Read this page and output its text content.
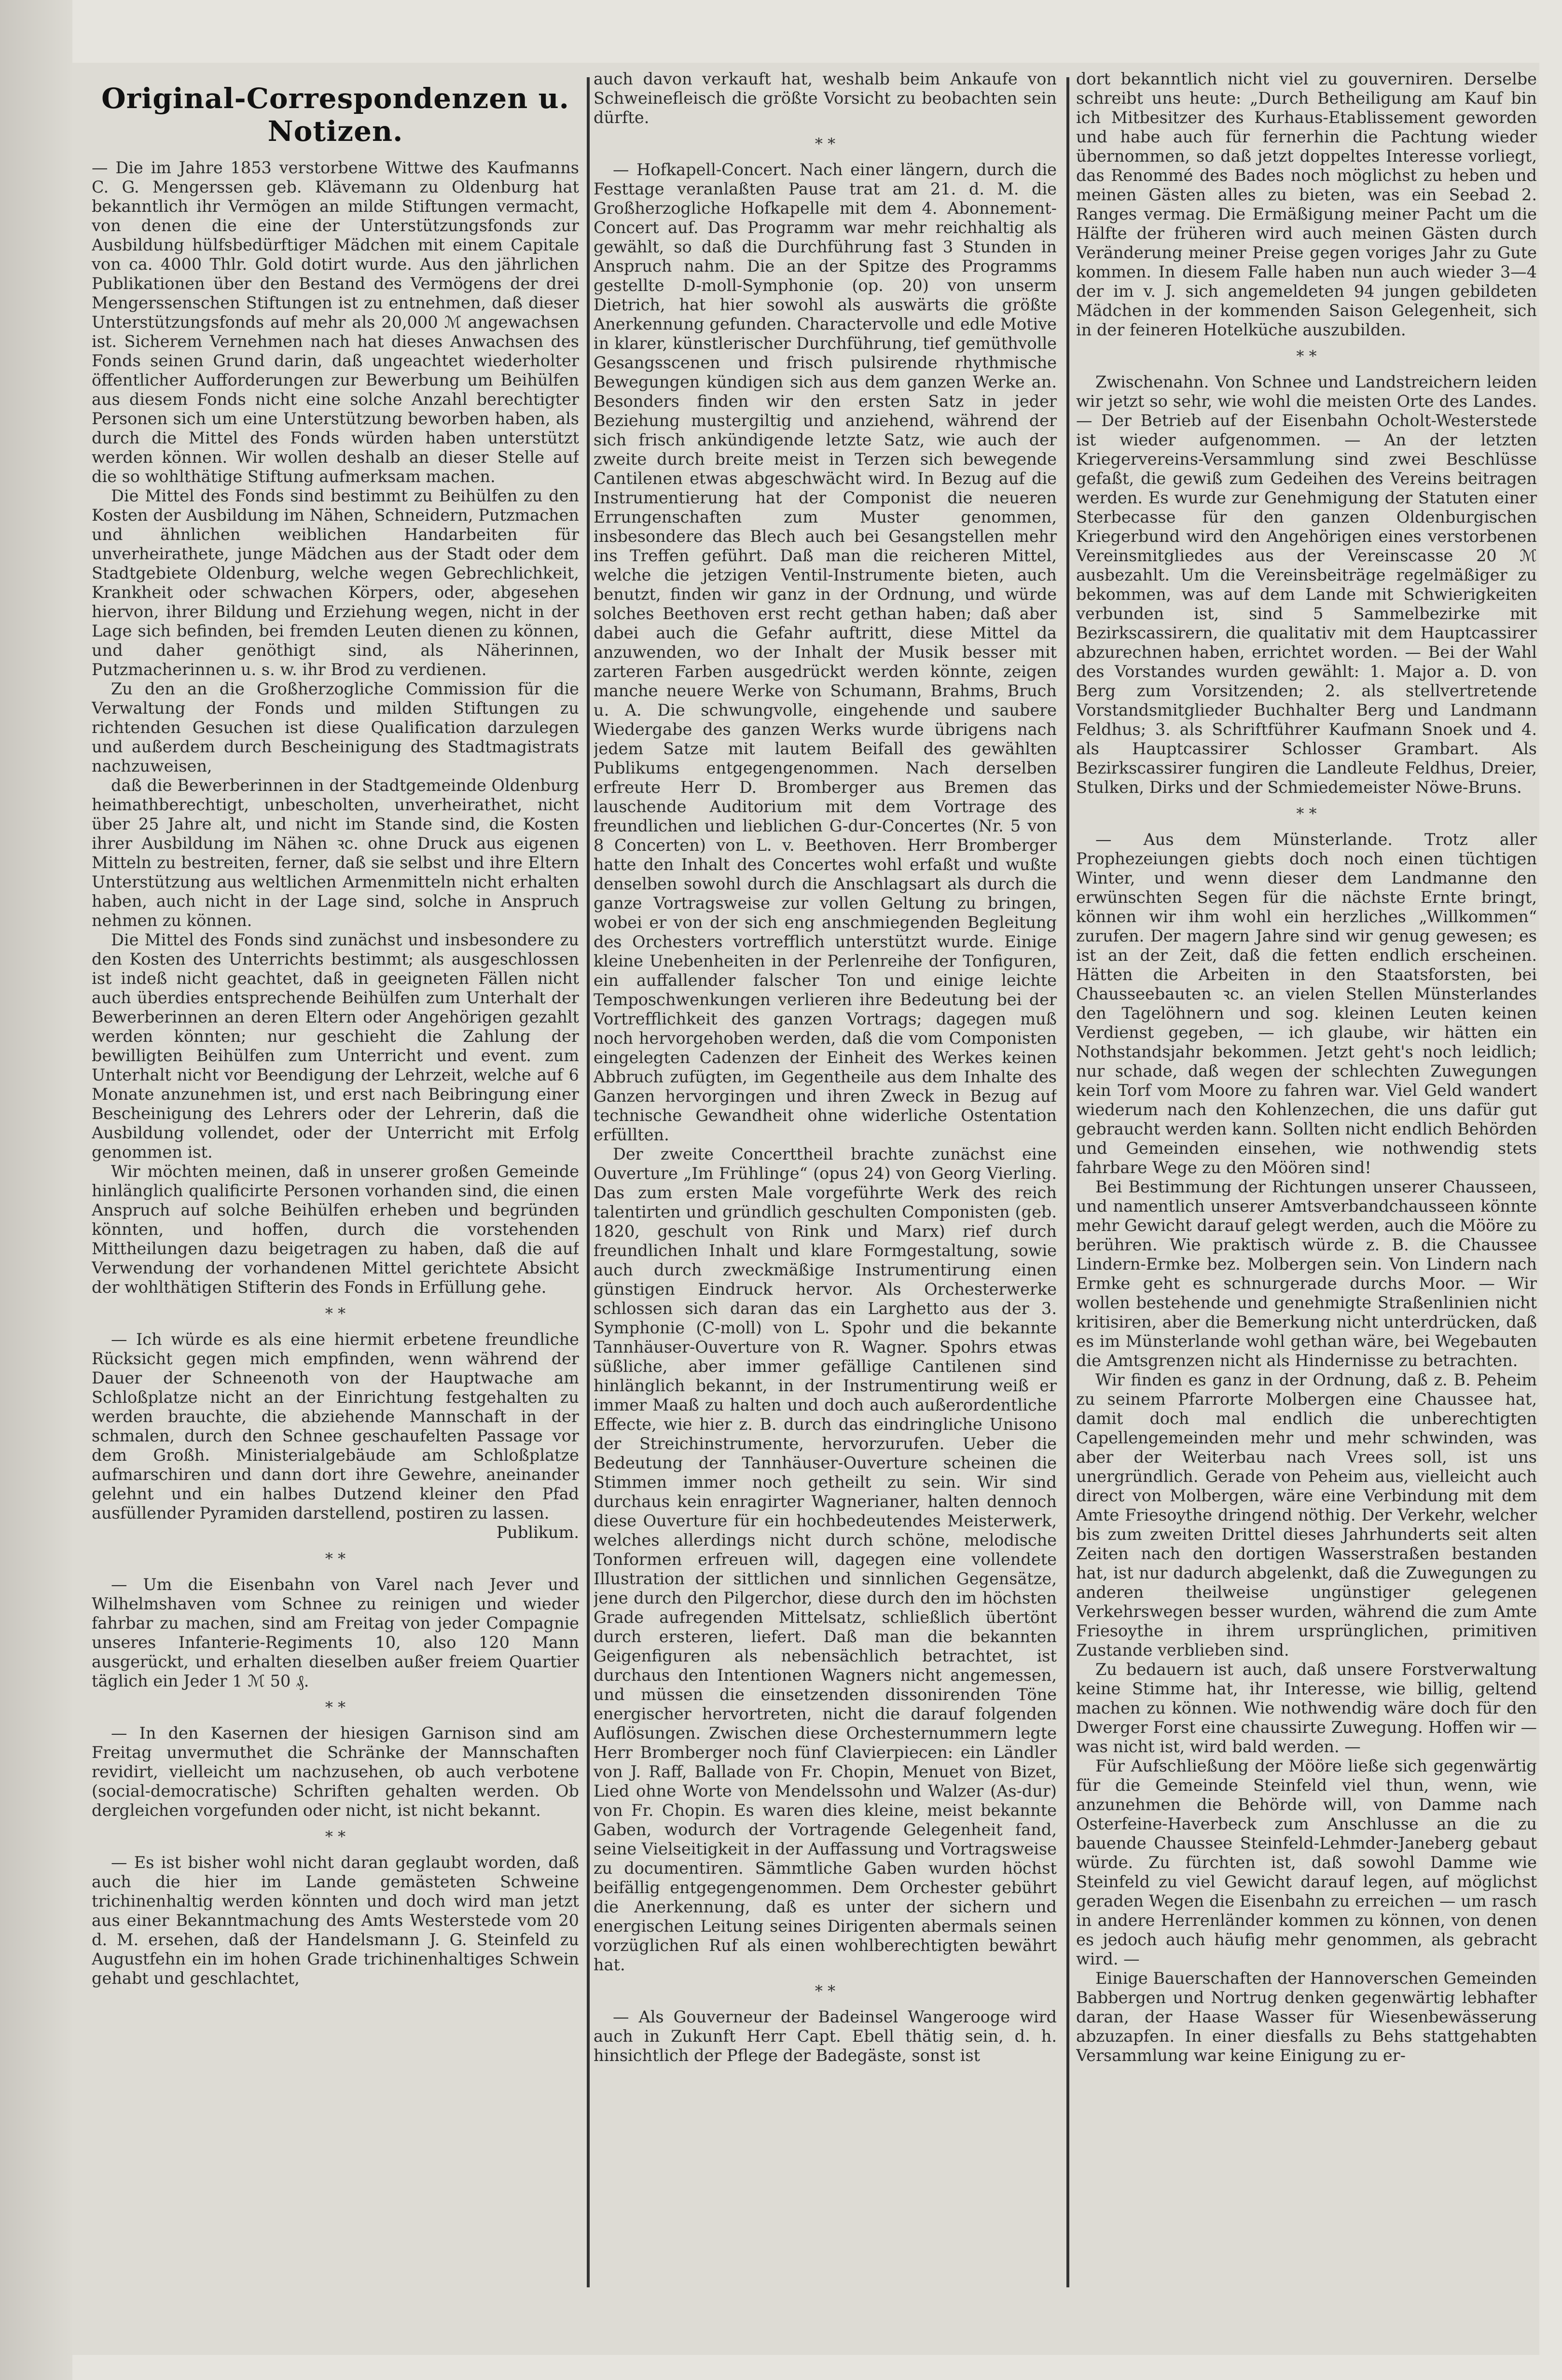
Original-Correspondenzen u. Notizen.

— Die im Jahre 1853 verstorbene Wittwe des Kaufmanns C. G. Mengerssen geb. Klävemann zu Oldenburg hat bekanntlich ihr Vermögen an milde Stiftungen vermacht, von denen die eine der Unterstützungsfonds zur Ausbildung hülfsbedürftiger Mädchen mit einem Capitale von ca. 4000 Thlr. Gold dotirt wurde. Aus den jährlichen Publikationen über den Bestand des Vermögens der drei Mengerssenschen Stiftungen ist zu entnehmen, daß dieser Unterstützungsfonds auf mehr als 20,000 ℳ angewachsen ist. Sicherem Vernehmen nach hat dieses Anwachsen des Fonds seinen Grund darin, daß ungeachtet wiederholter öffentlicher Aufforderungen zur Bewerbung um Beihülfen aus diesem Fonds nicht eine solche Anzahl berechtigter Personen sich um eine Unterstützung beworben haben, als durch die Mittel des Fonds würden haben unterstützt werden können. Wir wollen deshalb an dieser Stelle auf die so wohlthätige Stiftung aufmerksam machen.

Die Mittel des Fonds sind bestimmt zu Beihülfen zu den Kosten der Ausbildung im Nähen, Schneidern, Putzmachen und ähnlichen weiblichen Handarbeiten für unverheirathete, junge Mädchen aus der Stadt oder dem Stadtgebiete Oldenburg, welche wegen Gebrechlichkeit, Krankheit oder schwachen Körpers, oder, abgesehen hiervon, ihrer Bildung und Erziehung wegen, nicht in der Lage sich befinden, bei fremden Leuten dienen zu können, und daher genöthigt sind, als Näherinnen, Putzmacherinnen u. s. w. ihr Brod zu verdienen.

Zu den an die Großherzogliche Commission für die Verwaltung der Fonds und milden Stiftungen zu richtenden Gesuchen ist diese Qualification darzulegen und außerdem durch Bescheinigung des Stadtmagistrats nachzuweisen,

daß die Bewerberinnen in der Stadtgemeinde Oldenburg heimathberechtigt, unbescholten, unverheirathet, nicht über 25 Jahre alt, und nicht im Stande sind, die Kosten ihrer Ausbildung im Nähen ꝛc. ohne Druck aus eigenen Mitteln zu bestreiten, ferner, daß sie selbst und ihre Eltern Unterstützung aus weltlichen Armenmitteln nicht erhalten haben, auch nicht in der Lage sind, solche in Anspruch nehmen zu können.

Die Mittel des Fonds sind zunächst und insbesondere zu den Kosten des Unterrichts bestimmt; als ausgeschlossen ist indeß nicht geachtet, daß in geeigneten Fällen nicht auch überdies entsprechende Beihülfen zum Unterhalt der Bewerberinnen an deren Eltern oder Angehörigen gezahlt werden könnten; nur geschieht die Zahlung der bewilligten Beihülfen zum Unterricht und event. zum Unterhalt nicht vor Beendigung der Lehrzeit, welche auf 6 Monate anzunehmen ist, und erst nach Beibringung einer Bescheinigung des Lehrers oder der Lehrerin, daß die Ausbildung vollendet, oder der Unterricht mit Erfolg genommen ist.

Wir möchten meinen, daß in unserer großen Gemeinde hinlänglich qualificirte Personen vorhanden sind, die einen Anspruch auf solche Beihülfen erheben und begründen könnten, und hoffen, durch die vorstehenden Mittheilungen dazu beigetragen zu haben, daß die auf Verwendung der vorhandenen Mittel gerichtete Absicht der wohlthätigen Stifterin des Fonds in Erfüllung gehe.

* *

— Ich würde es als eine hiermit erbetene freundliche Rücksicht gegen mich empfinden, wenn während der Dauer der Schneenoth von der Hauptwache am Schloßplatze nicht an der Einrichtung festgehalten zu werden brauchte, die abziehende Mannschaft in der schmalen, durch den Schnee geschaufelten Passage vor dem Großh. Ministerialgebäude am Schloßplatze aufmarschiren und dann dort ihre Gewehre, aneinander gelehnt und ein halbes Dutzend kleiner den Pfad ausfüllender Pyramiden darstellend, postiren zu lassen.

Publikum.

* *

— Um die Eisenbahn von Varel nach Jever und Wilhelmshaven vom Schnee zu reinigen und wieder fahrbar zu machen, sind am Freitag von jeder Compagnie unseres Infanterie-Regiments 10, also 120 Mann ausgerückt, und erhalten dieselben außer freiem Quartier täglich ein Jeder 1 ℳ 50 ₰.

* *

— In den Kasernen der hiesigen Garnison sind am Freitag unvermuthet die Schränke der Mannschaften revidirt, vielleicht um nachzusehen, ob auch verbotene (social-democratische) Schriften gehalten werden. Ob dergleichen vorgefunden oder nicht, ist nicht bekannt.

* *

— Es ist bisher wohl nicht daran geglaubt worden, daß auch die hier im Lande gemästeten Schweine trichinenhaltig werden könnten und doch wird man jetzt aus einer Bekanntmachung des Amts Westerstede vom 20 d. M. ersehen, daß der Handelsmann J. G. Steinfeld zu Augustfehn ein im hohen Grade trichinenhaltiges Schwein gehabt und geschlachtet,

auch davon verkauft hat, weshalb beim Ankaufe von Schweinefleisch die größte Vorsicht zu beobachten sein dürfte.

* *

— Hofkapell-Concert. Nach einer längern, durch die Festtage veranlaßten Pause trat am 21. d. M. die Großherzogliche Hofkapelle mit dem 4. Abonnement-Concert auf. Das Programm war mehr reichhaltig als gewählt, so daß die Durchführung fast 3 Stunden in Anspruch nahm. Die an der Spitze des Programms gestellte D-moll-Symphonie (op. 20) von unserm Dietrich, hat hier sowohl als auswärts die größte Anerkennung gefunden. Charactervolle und edle Motive in klarer, künstlerischer Durchführung, tief gemüthvolle Gesangsscenen und frisch pulsirende rhythmische Bewegungen kündigen sich aus dem ganzen Werke an. Besonders finden wir den ersten Satz in jeder Beziehung mustergiltig und anziehend, während der sich frisch ankündigende letzte Satz, wie auch der zweite durch breite meist in Terzen sich bewegende Cantilenen etwas abgeschwächt wird. In Bezug auf die Instrumentierung hat der Componist die neueren Errungenschaften zum Muster genommen, insbesondere das Blech auch bei Gesangstellen mehr ins Treffen geführt. Daß man die reicheren Mittel, welche die jetzigen Ventil-Instrumente bieten, auch benutzt, finden wir ganz in der Ordnung, und würde solches Beethoven erst recht gethan haben; daß aber dabei auch die Gefahr auftritt, diese Mittel da anzuwenden, wo der Inhalt der Musik besser mit zarteren Farben ausgedrückt werden könnte, zeigen manche neuere Werke von Schumann, Brahms, Bruch u. A. Die schwungvolle, eingehende und saubere Wiedergabe des ganzen Werks wurde übrigens nach jedem Satze mit lautem Beifall des gewählten Publikums entgegengenommen. Nach derselben erfreute Herr D. Bromberger aus Bremen das lauschende Auditorium mit dem Vortrage des freundlichen und lieblichen G-dur-Concertes (Nr. 5 von 8 Concerten) von L. v. Beethoven. Herr Bromberger hatte den Inhalt des Concertes wohl erfaßt und wußte denselben sowohl durch die Anschlagsart als durch die ganze Vortragsweise zur vollen Geltung zu bringen, wobei er von der sich eng anschmiegenden Begleitung des Orchesters vortrefflich unterstützt wurde. Einige kleine Unebenheiten in der Perlenreihe der Tonfiguren, ein auffallender falscher Ton und einige leichte Temposchwenkungen verlieren ihre Bedeutung bei der Vortrefflichkeit des ganzen Vortrags; dagegen muß noch hervorgehoben werden, daß die vom Componisten eingelegten Cadenzen der Einheit des Werkes keinen Abbruch zufügten, im Gegentheile aus dem Inhalte des Ganzen hervorgingen und ihren Zweck in Bezug auf technische Gewandheit ohne widerliche Ostentation erfüllten.

Der zweite Concerttheil brachte zunächst eine Ouverture „Im Frühlinge“ (opus 24) von Georg Vierling. Das zum ersten Male vorgeführte Werk des reich talentirten und gründlich geschulten Componisten (geb. 1820, geschult von Rink und Marx) rief durch freundlichen Inhalt und klare Formgestaltung, sowie auch durch zweckmäßige Instrumentirung einen günstigen Eindruck hervor. Als Orchesterwerke schlossen sich daran das ein Larghetto aus der 3. Symphonie (C-moll) von L. Spohr und die bekannte Tannhäuser-Ouverture von R. Wagner. Spohrs etwas süßliche, aber immer gefällige Cantilenen sind hinlänglich bekannt, in der Instrumentirung weiß er immer Maaß zu halten und doch auch außerordentliche Effecte, wie hier z. B. durch das eindringliche Unisono der Streichinstrumente, hervorzurufen. Ueber die Bedeutung der Tannhäuser-Ouverture scheinen die Stimmen immer noch getheilt zu sein. Wir sind durchaus kein enragirter Wagnerianer, halten dennoch diese Ouverture für ein hochbedeutendes Meisterwerk, welches allerdings nicht durch schöne, melodische Tonformen erfreuen will, dagegen eine vollendete Illustration der sittlichen und sinnlichen Gegensätze, jene durch den Pilgerchor, diese durch den im höchsten Grade aufregenden Mittelsatz, schließlich übertönt durch ersteren, liefert. Daß man die bekannten Geigenfiguren als nebensächlich betrachtet, ist durchaus den Intentionen Wagners nicht angemessen, und müssen die einsetzenden dissonirenden Töne energischer hervortreten, nicht die darauf folgenden Auflösungen. Zwischen diese Orchesternummern legte Herr Bromberger noch fünf Clavierpiecen: ein Ländler von J. Raff, Ballade von Fr. Chopin, Menuet von Bizet, Lied ohne Worte von Mendelssohn und Walzer (As-dur) von Fr. Chopin. Es waren dies kleine, meist bekannte Gaben, wodurch der Vortragende Gelegenheit fand, seine Vielseitigkeit in der Auffassung und Vortragsweise zu documentiren. Sämmtliche Gaben wurden höchst beifällig entgegengenommen. Dem Orchester gebührt die Anerkennung, daß es unter der sichern und energischen Leitung seines Dirigenten abermals seinen vorzüglichen Ruf als einen wohlberechtigten bewährt hat.

* *

— Als Gouverneur der Badeinsel Wangerooge wird auch in Zukunft Herr Capt. Ebell thätig sein, d. h. hinsichtlich der Pflege der Badegäste, sonst ist

dort bekanntlich nicht viel zu gouverniren. Derselbe schreibt uns heute: „Durch Betheiligung am Kauf bin ich Mitbesitzer des Kurhaus-Etablissement geworden und habe auch für fernerhin die Pachtung wieder übernommen, so daß jetzt doppeltes Interesse vorliegt, das Renommé des Bades noch möglichst zu heben und meinen Gästen alles zu bieten, was ein Seebad 2. Ranges vermag. Die Ermäßigung meiner Pacht um die Hälfte der früheren wird auch meinen Gästen durch Veränderung meiner Preise gegen voriges Jahr zu Gute kommen. In diesem Falle haben nun auch wieder 3—4 der im v. J. sich angemeldeten 94 jungen gebildeten Mädchen in der kommenden Saison Gelegenheit, sich in der feineren Hotelküche auszubilden.

* *

Zwischenahn. Von Schnee und Landstreichern leiden wir jetzt so sehr, wie wohl die meisten Orte des Landes. — Der Betrieb auf der Eisenbahn Ocholt-Westerstede ist wieder aufgenommen. — An der letzten Kriegervereins-Versammlung sind zwei Beschlüsse gefaßt, die gewiß zum Gedeihen des Vereins beitragen werden. Es wurde zur Genehmigung der Statuten einer Sterbecasse für den ganzen Oldenburgischen Kriegerbund wird den Angehörigen eines verstorbenen Vereinsmitgliedes aus der Vereinscasse 20 ℳ ausbezahlt. Um die Vereinsbeiträge regelmäßiger zu bekommen, was auf dem Lande mit Schwierigkeiten verbunden ist, sind 5 Sammelbezirke mit Bezirkscassirern, die qualitativ mit dem Hauptcassirer abzurechnen haben, errichtet worden. — Bei der Wahl des Vorstandes wurden gewählt: 1. Major a. D. von Berg zum Vorsitzenden; 2. als stellvertretende Vorstandsmitglieder Buchhalter Berg und Landmann Feldhus; 3. als Schriftführer Kaufmann Snoek und 4. als Hauptcassirer Schlosser Grambart. Als Bezirkscassirer fungiren die Landleute Feldhus, Dreier, Stulken, Dirks und der Schmiedemeister Nöwe-Bruns.

* *

— Aus dem Münsterlande. Trotz aller Prophezeiungen giebts doch noch einen tüchtigen Winter, und wenn dieser dem Landmanne den erwünschten Segen für die nächste Ernte bringt, können wir ihm wohl ein herzliches „Willkommen“ zurufen. Der magern Jahre sind wir genug gewesen; es ist an der Zeit, daß die fetten endlich erscheinen. Hätten die Arbeiten in den Staatsforsten, bei Chausseebauten ꝛc. an vielen Stellen Münsterlandes den Tagelöhnern und sog. kleinen Leuten keinen Verdienst gegeben, — ich glaube, wir hätten ein Nothstandsjahr bekommen. Jetzt geht's noch leidlich; nur schade, daß wegen der schlechten Zuwegungen kein Torf vom Moore zu fahren war. Viel Geld wandert wiederum nach den Kohlenzechen, die uns dafür gut gebraucht werden kann. Sollten nicht endlich Behörden und Gemeinden einsehen, wie nothwendig stets fahrbare Wege zu den Möören sind!

Bei Bestimmung der Richtungen unserer Chausseen, und namentlich unserer Amtsverbandchausseen könnte mehr Gewicht darauf gelegt werden, auch die Mööre zu berühren. Wie praktisch würde z. B. die Chaussee Lindern-Ermke bez. Molbergen sein. Von Lindern nach Ermke geht es schnurgerade durchs Moor. — Wir wollen bestehende und genehmigte Straßenlinien nicht kritisiren, aber die Bemerkung nicht unterdrücken, daß es im Münsterlande wohl gethan wäre, bei Wegebauten die Amtsgrenzen nicht als Hindernisse zu betrachten.

Wir finden es ganz in der Ordnung, daß z. B. Peheim zu seinem Pfarrorte Molbergen eine Chaussee hat, damit doch mal endlich die unberechtigten Capellengemeinden mehr und mehr schwinden, was aber der Weiterbau nach Vrees soll, ist uns unergründlich. Gerade von Peheim aus, vielleicht auch direct von Molbergen, wäre eine Verbindung mit dem Amte Friesoythe dringend nöthig. Der Verkehr, welcher bis zum zweiten Drittel dieses Jahrhunderts seit alten Zeiten nach den dortigen Wasserstraßen bestanden hat, ist nur dadurch abgelenkt, daß die Zuwegungen zu anderen theilweise ungünstiger gelegenen Verkehrswegen besser wurden, während die zum Amte Friesoythe in ihrem ursprünglichen, primitiven Zustande verblieben sind.

Zu bedauern ist auch, daß unsere Forstverwaltung keine Stimme hat, ihr Interesse, wie billig, geltend machen zu können. Wie nothwendig wäre doch für den Dwerger Forst eine chaussirte Zuwegung. Hoffen wir — was nicht ist, wird bald werden. —

Für Aufschließung der Mööre ließe sich gegenwärtig für die Gemeinde Steinfeld viel thun, wenn, wie anzunehmen die Behörde will, von Damme nach Osterfeine-Haverbeck zum Anschlusse an die zu bauende Chaussee Steinfeld-Lehmder-Janeberg gebaut würde. Zu fürchten ist, daß sowohl Damme wie Steinfeld zu viel Gewicht darauf legen, auf möglichst geraden Wegen die Eisenbahn zu erreichen — um rasch in andere Herrenländer kommen zu können, von denen es jedoch auch häufig mehr genommen, als gebracht wird. —

Einige Bauerschaften der Hannoverschen Gemeinden Babbergen und Nortrug denken gegenwärtig lebhafter daran, der Haase Wasser für Wiesenbewässerung abzuzapfen. In einer diesfalls zu Behs stattgehabten Versammlung war keine Einigung zu er-
